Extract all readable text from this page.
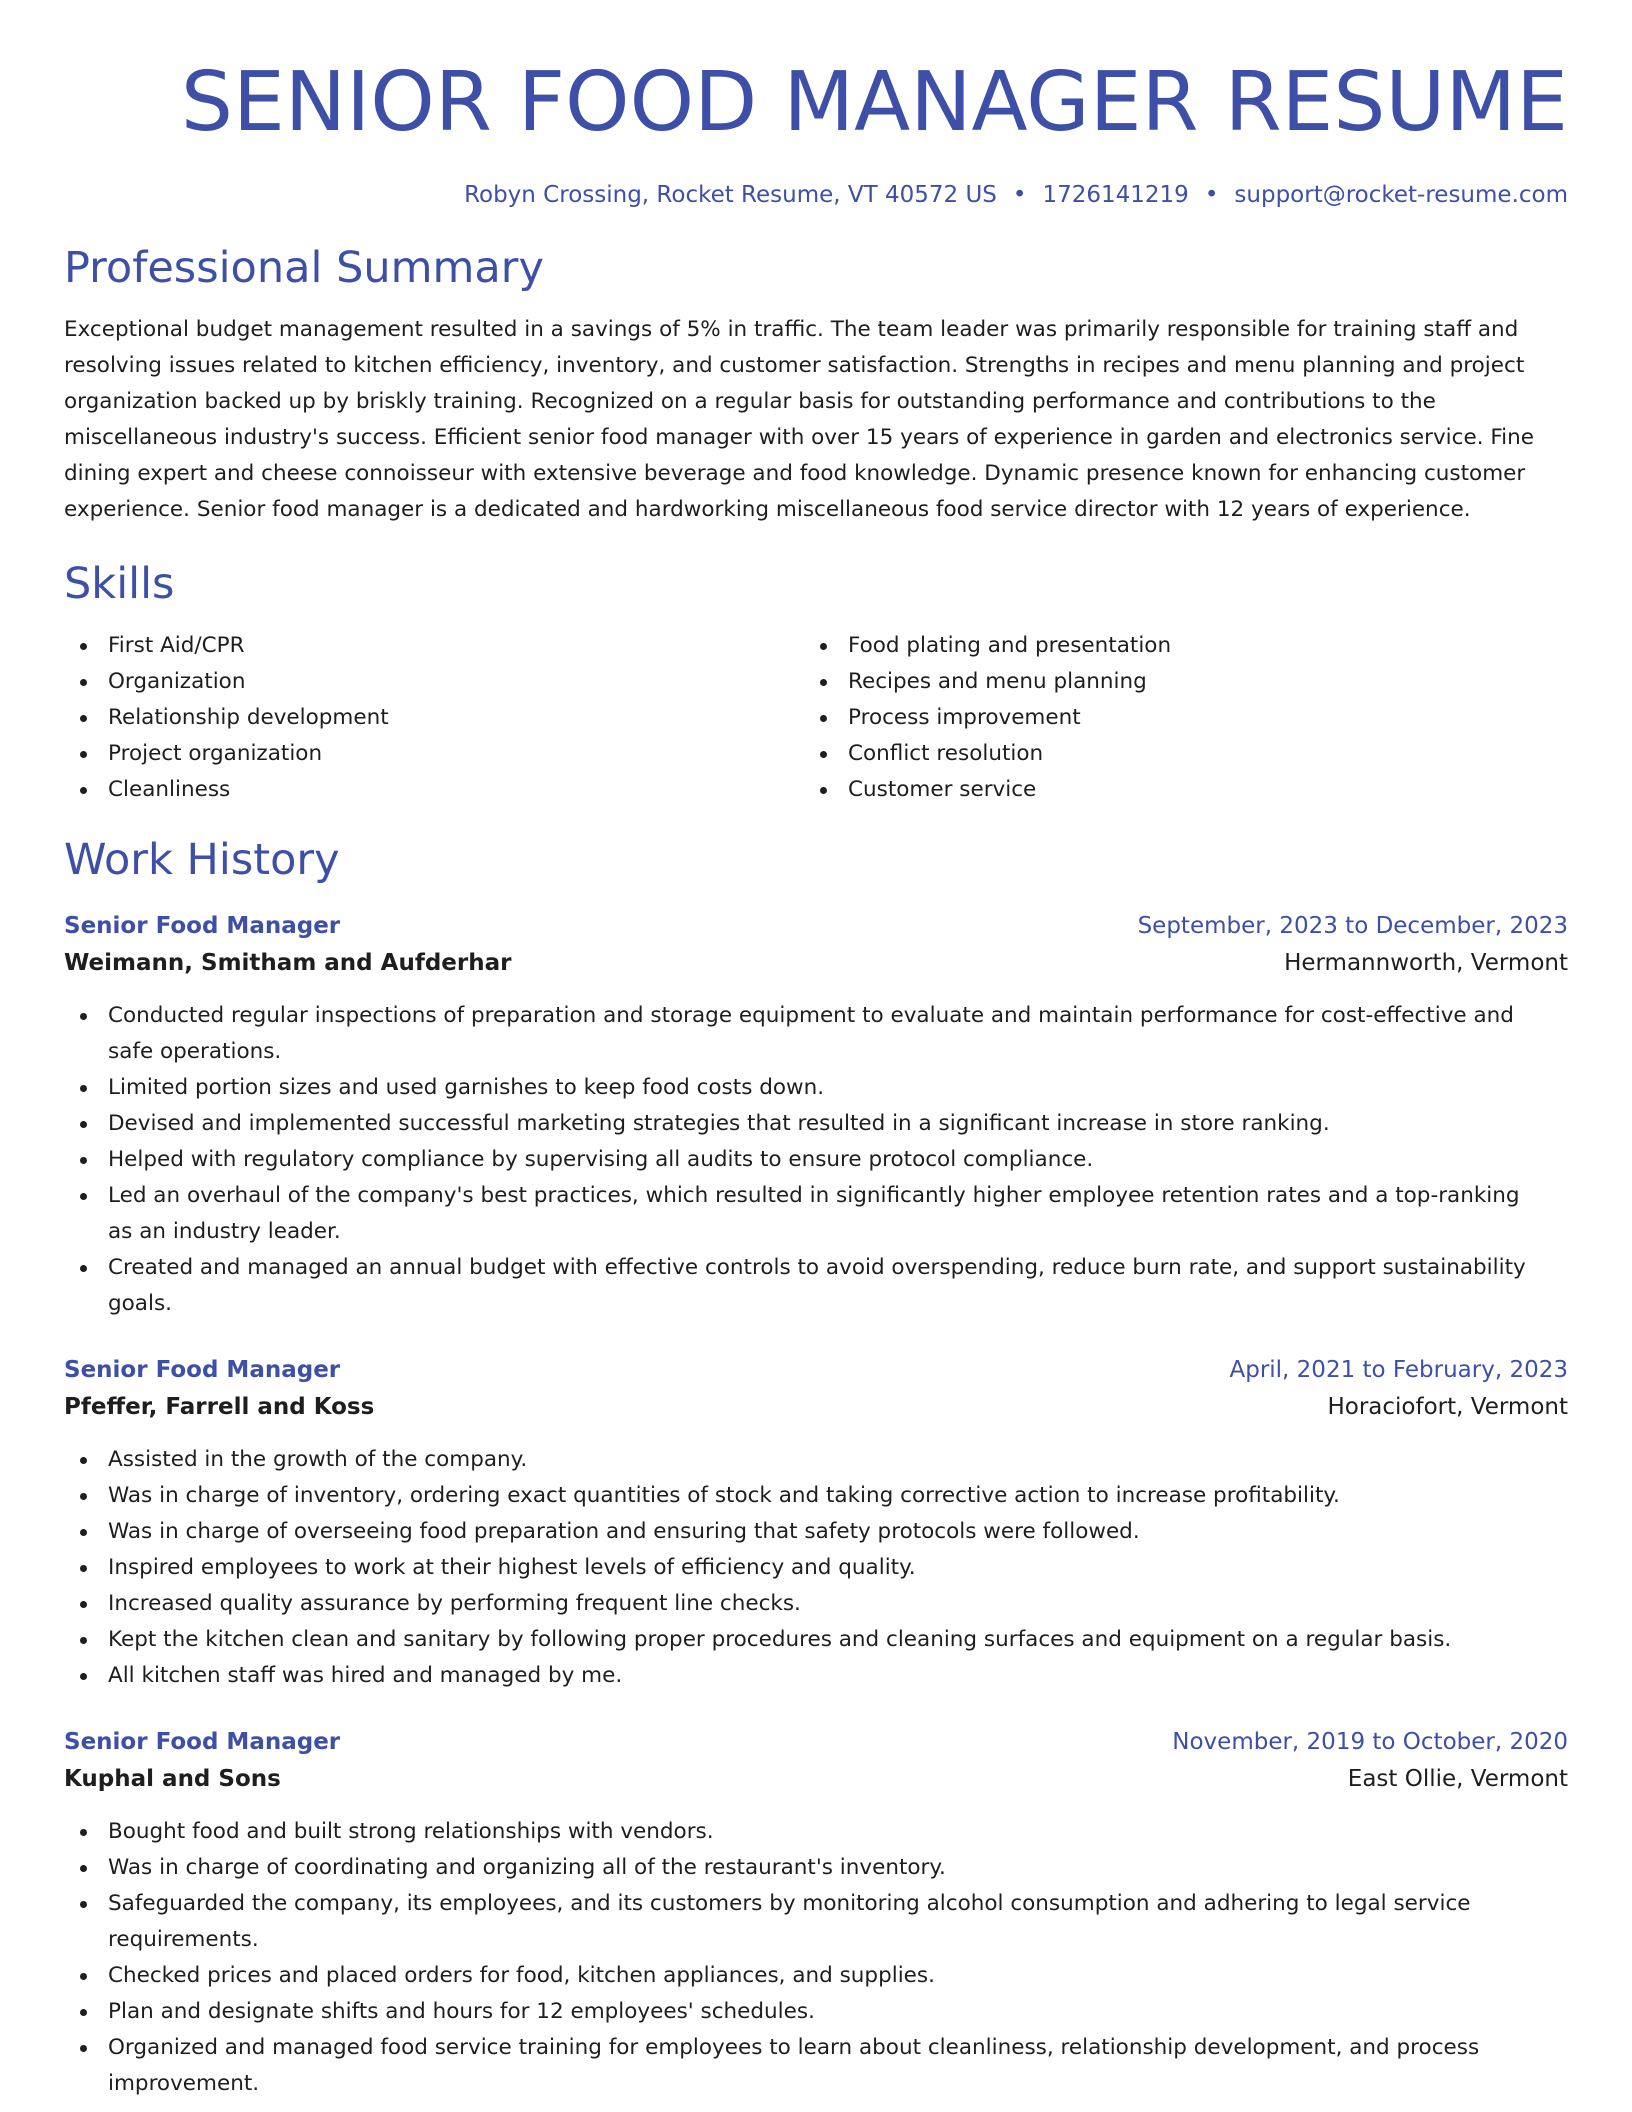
SENIOR FOOD MANAGER RESUME
Robyn Crossing, Rocket Resume, VT 40572 US • 1726141219 • support@rocket-resume.com
Professional Summary
Exceptional budget management resulted in a savings of 5% in traffic. The team leader was primarily responsible for training staff and resolving issues related to kitchen efficiency, inventory, and customer satisfaction. Strengths in recipes and menu planning and project organization backed up by briskly training. Recognized on a regular basis for outstanding performance and contributions to the miscellaneous industry's success. Efficient senior food manager with over 15 years of experience in garden and electronics service. Fine dining expert and cheese connoisseur with extensive beverage and food knowledge. Dynamic presence known for enhancing customer experience. Senior food manager is a dedicated and hardworking miscellaneous food service director with 12 years of experience.
Skills
First Aid/CPR
Organization
Relationship development
Project organization
Cleanliness
Food plating and presentation
Recipes and menu planning
Process improvement
Conflict resolution
Customer service
Work History
Senior Food Manager	September, 2023 to December, 2023
Weimann, Smitham and Aufderhar	Hermannworth, Vermont
Conducted regular inspections of preparation and storage equipment to evaluate and maintain performance for cost-effective and safe operations.
Limited portion sizes and used garnishes to keep food costs down.
Devised and implemented successful marketing strategies that resulted in a significant increase in store ranking.
Helped with regulatory compliance by supervising all audits to ensure protocol compliance.
Led an overhaul of the company's best practices, which resulted in significantly higher employee retention rates and a top-ranking as an industry leader.
Created and managed an annual budget with effective controls to avoid overspending, reduce burn rate, and support sustainability goals.
Senior Food Manager	April, 2021 to February, 2023
Pfeffer, Farrell and Koss	Horaciofort, Vermont
Assisted in the growth of the company.
Was in charge of inventory, ordering exact quantities of stock and taking corrective action to increase profitability.
Was in charge of overseeing food preparation and ensuring that safety protocols were followed.
Inspired employees to work at their highest levels of efficiency and quality.
Increased quality assurance by performing frequent line checks.
Kept the kitchen clean and sanitary by following proper procedures and cleaning surfaces and equipment on a regular basis.
All kitchen staff was hired and managed by me.
Senior Food Manager	November, 2019 to October, 2020
Kuphal and Sons	East Ollie, Vermont
Bought food and built strong relationships with vendors.
Was in charge of coordinating and organizing all of the restaurant's inventory.
Safeguarded the company, its employees, and its customers by monitoring alcohol consumption and adhering to legal service requirements.
Checked prices and placed orders for food, kitchen appliances, and supplies.
Plan and designate shifts and hours for 12 employees' schedules.
Organized and managed food service training for employees to learn about cleanliness, relationship development, and process improvement.
